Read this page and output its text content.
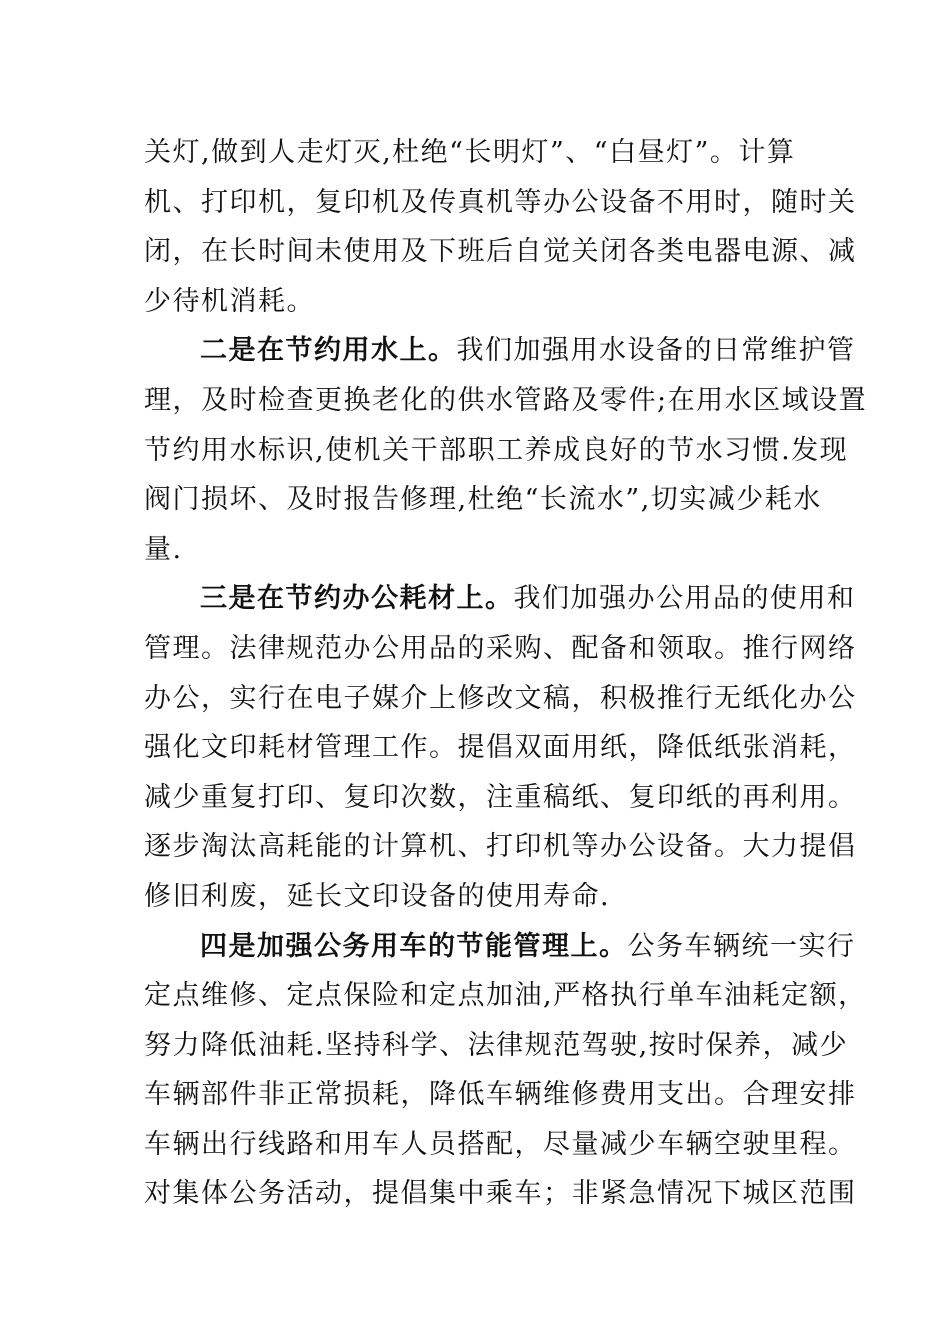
关灯,做到人走灯灭,杜绝“长明灯”、“白昼灯”。计算
机、打印机，复印机及传真机等办公设备不用时，随时关
闭，在长时间未使用及下班后自觉关闭各类电器电源、减
少待机消耗。
二是在节约用水上。我们加强用水设备的日常维护管
理，及时检查更换老化的供水管路及零件;在用水区域设置
节约用水标识,使机关干部职工养成良好的节水习惯.发现
阀门损坏、及时报告修理,杜绝“长流水”,切实减少耗水
量.
三是在节约办公耗材上。我们加强办公用品的使用和
管理。法律规范办公用品的采购、配备和领取。推行网络
办公，实行在电子媒介上修改文稿，积极推行无纸化办公
强化文印耗材管理工作。提倡双面用纸，降低纸张消耗，
减少重复打印、复印次数，注重稿纸、复印纸的再利用。
逐步淘汰高耗能的计算机、打印机等办公设备。大力提倡
修旧利废，延长文印设备的使用寿命.
四是加强公务用车的节能管理上。公务车辆统一实行
定点维修、定点保险和定点加油,严格执行单车油耗定额，
努力降低油耗.坚持科学、法律规范驾驶,按时保养，减少
车辆部件非正常损耗，降低车辆维修费用支出。合理安排
车辆出行线路和用车人员搭配，尽量减少车辆空驶里程。
对集体公务活动，提倡集中乘车；非紧急情况下城区范围
